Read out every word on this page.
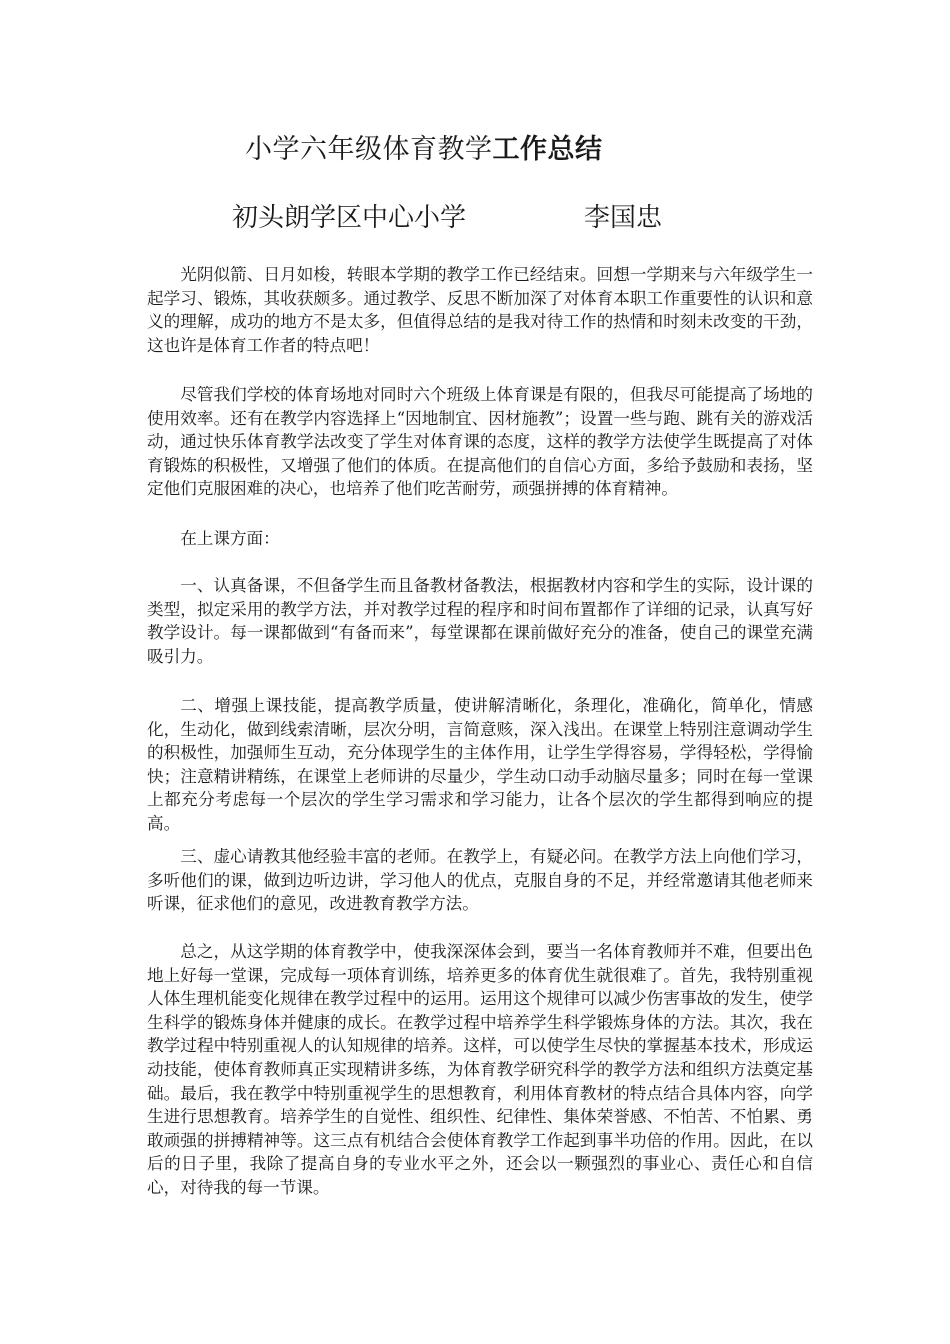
小学六年级体育教学工作总结
初头朗学区中心小学	李国忠

光阴似箭、日月如梭，转眼本学期的教学工作已经结束。回想一学期来与六年级学生一起学习、锻炼，其收获颇多。通过教学、反思不断加深了对体育本职工作重要性的认识和意义的理解，成功的地方不是太多，但值得总结的是我对待工作的热情和时刻未改变的干劲，这也许是体育工作者的特点吧！

尽管我们学校的体育场地对同时六个班级上体育课是有限的，但我尽可能提高了场地的使用效率。还有在教学内容选择上“因地制宜、因材施教”；设置一些与跑、跳有关的游戏活动，通过快乐体育教学法改变了学生对体育课的态度，这样的教学方法使学生既提高了对体育锻炼的积极性，又增强了他们的体质。在提高他们的自信心方面，多给予鼓励和表扬，坚定他们克服困难的决心，也培养了他们吃苦耐劳，顽强拼搏的体育精神。

在上课方面：

一、认真备课，不但备学生而且备教材备教法，根据教材内容和学生的实际，设计课的类型，拟定采用的教学方法，并对教学过程的程序和时间布置都作了详细的记录，认真写好教学设计。每一课都做到“有备而来”，每堂课都在课前做好充分的准备，使自己的课堂充满吸引力。

二、增强上课技能，提高教学质量，使讲解清晰化，条理化，准确化，简单化，情感化，生动化，做到线索清晰，层次分明，言简意赅，深入浅出。在课堂上特别注意调动学生的积极性，加强师生互动，充分体现学生的主体作用，让学生学得容易，学得轻松，学得愉快；注意精讲精练，在课堂上老师讲的尽量少，学生动口动手动脑尽量多；同时在每一堂课上都充分考虑每一个层次的学生学习需求和学习能力，让各个层次的学生都得到响应的提高。

三、虚心请教其他经验丰富的老师。在教学上，有疑必问。在教学方法上向他们学习，多听他们的课，做到边听边讲，学习他人的优点，克服自身的不足，并经常邀请其他老师来听课，征求他们的意见，改进教育教学方法。

总之，从这学期的体育教学中，使我深深体会到，要当一名体育教师并不难，但要出色地上好每一堂课，完成每一项体育训练，培养更多的体育优生就很难了。首先，我特别重视人体生理机能变化规律在教学过程中的运用。运用这个规律可以减少伤害事故的发生，使学生科学的锻炼身体并健康的成长。在教学过程中培养学生科学锻炼身体的方法。其次，我在教学过程中特别重视人的认知规律的培养。这样，可以使学生尽快的掌握基本技术，形成运动技能，使体育教师真正实现精讲多练，为体育教学研究科学的教学方法和组织方法奠定基础。最后，我在教学中特别重视学生的思想教育，利用体育教材的特点结合具体内容，向学生进行思想教育。培养学生的自觉性、组织性、纪律性、集体荣誉感、不怕苦、不怕累、勇敢顽强的拼搏精神等。这三点有机结合会使体育教学工作起到事半功倍的作用。因此，在以后的日子里，我除了提高自身的专业水平之外，还会以一颗强烈的事业心、责任心和自信心，对待我的每一节课。
